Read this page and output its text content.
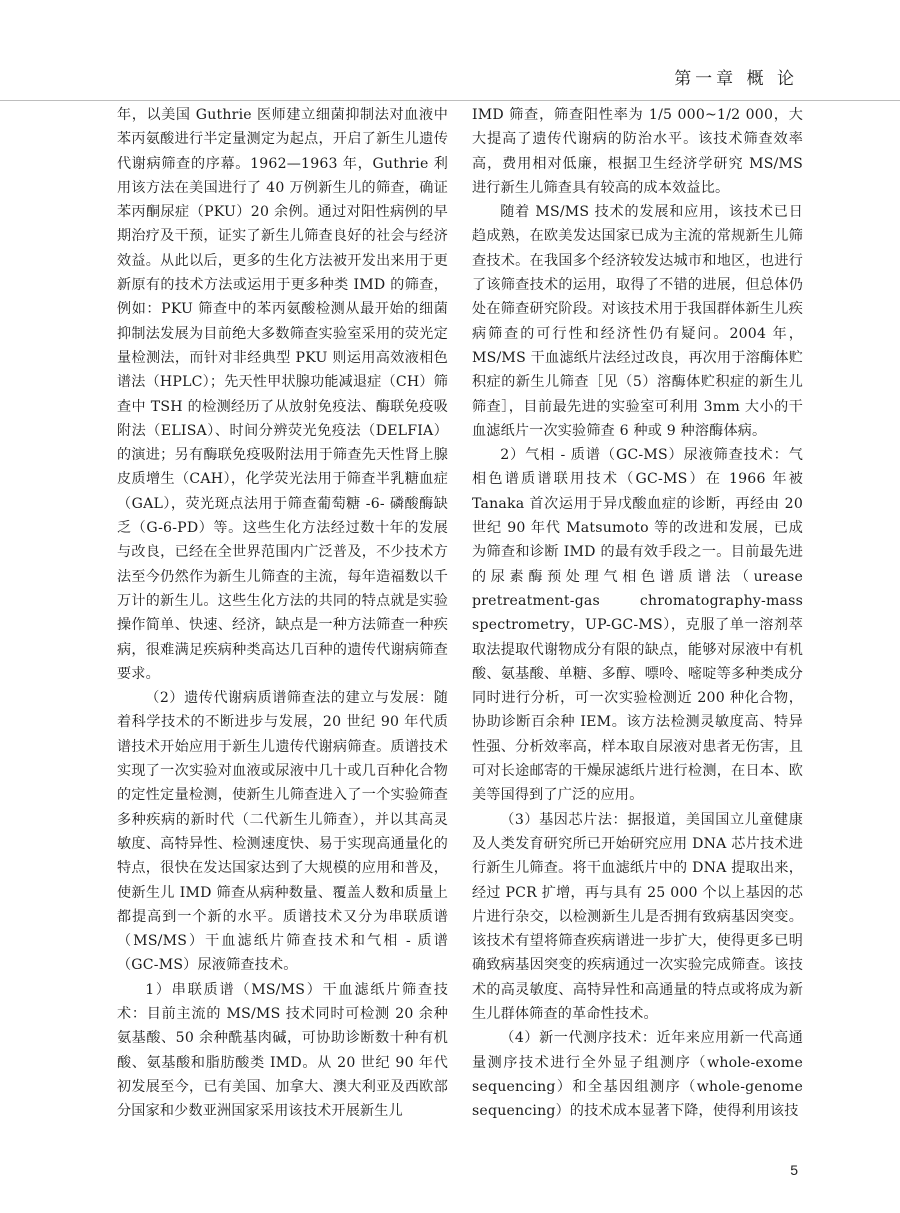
第一章 概 论

年，以美国 Guthrie 医师建立细菌抑制法对血液中苯丙氨酸进行半定量测定为起点，开启了新生儿遗传代谢病筛查的序幕。1962—1963 年，Guthrie 利用该方法在美国进行了 40 万例新生儿的筛查，确证苯丙酮尿症（PKU）20 余例。通过对阳性病例的早期治疗及干预，证实了新生儿筛查良好的社会与经济效益。从此以后，更多的生化方法被开发出来用于更新原有的技术方法或运用于更多种类 IMD 的筛查，例如：PKU 筛查中的苯丙氨酸检测从最开始的细菌抑制法发展为目前绝大多数筛查实验室采用的荧光定量检测法，而针对非经典型 PKU 则运用高效液相色谱法（HPLC）；先天性甲状腺功能减退症（CH）筛查中 TSH 的检测经历了从放射免疫法、酶联免疫吸附法（ELISA）、时间分辨荧光免疫法（DELFIA）的演进；另有酶联免疫吸附法用于筛查先天性肾上腺皮质增生（CAH），化学荧光法用于筛查半乳糖血症（GAL），荧光斑点法用于筛查葡萄糖 -6- 磷酸酶缺乏（G-6-PD）等。这些生化方法经过数十年的发展与改良，已经在全世界范围内广泛普及，不少技术方法至今仍然作为新生儿筛查的主流，每年造福数以千万计的新生儿。这些生化方法的共同的特点就是实验操作简单、快速、经济，缺点是一种方法筛查一种疾病，很难满足疾病种类高达几百种的遗传代谢病筛查要求。

（2）遗传代谢病质谱筛查法的建立与发展：随着科学技术的不断进步与发展，20 世纪 90 年代质谱技术开始应用于新生儿遗传代谢病筛查。质谱技术实现了一次实验对血液或尿液中几十或几百种化合物的定性定量检测，使新生儿筛查进入了一个实验筛查多种疾病的新时代（二代新生儿筛查），并以其高灵敏度、高特异性、检测速度快、易于实现高通量化的特点，很快在发达国家达到了大规模的应用和普及，使新生儿 IMD 筛查从病种数量、覆盖人数和质量上都提高到一个新的水平。质谱技术又分为串联质谱（MS/MS）干血滤纸片筛查技术和气相 - 质谱（GC-MS）尿液筛查技术。

1）串联质谱（MS/MS）干血滤纸片筛查技术：目前主流的 MS/MS 技术同时可检测 20 余种氨基酸、50 余种酰基肉碱，可协助诊断数十种有机酸、氨基酸和脂肪酸类 IMD。从 20 世纪 90 年代初发展至今，已有美国、加拿大、澳大利亚及西欧部分国家和少数亚洲国家采用该技术开展新生儿

IMD 筛查，筛查阳性率为 1/5 000~1/2 000，大大提高了遗传代谢病的防治水平。该技术筛查效率高，费用相对低廉，根据卫生经济学研究 MS/MS 进行新生儿筛查具有较高的成本效益比。

随着 MS/MS 技术的发展和应用，该技术已日趋成熟，在欧美发达国家已成为主流的常规新生儿筛查技术。在我国多个经济较发达城市和地区，也进行了该筛查技术的运用，取得了不错的进展，但总体仍处在筛查研究阶段。对该技术用于我国群体新生儿疾病筛查的可行性和经济性仍有疑问。2004 年，MS/MS 干血滤纸片法经过改良，再次用于溶酶体贮积症的新生儿筛查［见（5）溶酶体贮积症的新生儿筛查］，目前最先进的实验室可利用 3mm 大小的干血滤纸片一次实验筛查 6 种或 9 种溶酶体病。

2）气相 - 质谱（GC-MS）尿液筛查技术：气相色谱质谱联用技术（GC-MS）在 1966 年被 Tanaka 首次运用于异戊酸血症的诊断，再经由 20 世纪 90 年代 Matsumoto 等的改进和发展，已成为筛查和诊断 IMD 的最有效手段之一。目前最先进的尿素酶预处理气相色谱质谱法（urease pretreatment-gas chromatography-mass spectrometry，UP-GC-MS），克服了单一溶剂萃取法提取代谢物成分有限的缺点，能够对尿液中有机酸、氨基酸、单糖、多醇、嘌呤、嘧啶等多种类成分同时进行分析，可一次实验检测近 200 种化合物，协助诊断百余种 IEM。该方法检测灵敏度高、特异性强、分析效率高，样本取自尿液对患者无伤害，且可对长途邮寄的干燥尿滤纸片进行检测，在日本、欧美等国得到了广泛的应用。

（3）基因芯片法：据报道，美国国立儿童健康及人类发育研究所已开始研究应用 DNA 芯片技术进行新生儿筛查。将干血滤纸片中的 DNA 提取出来，经过 PCR 扩增，再与具有 25 000 个以上基因的芯片进行杂交，以检测新生儿是否拥有致病基因突变。该技术有望将筛查疾病谱进一步扩大，使得更多已明确致病基因突变的疾病通过一次实验完成筛查。该技术的高灵敏度、高特异性和高通量的特点或将成为新生儿群体筛查的革命性技术。

（4）新一代测序技术：近年来应用新一代高通量测序技术进行全外显子组测序（whole-exome sequencing）和全基因组测序（whole-genome sequencing）的技术成本显著下降，使得利用该技

5
